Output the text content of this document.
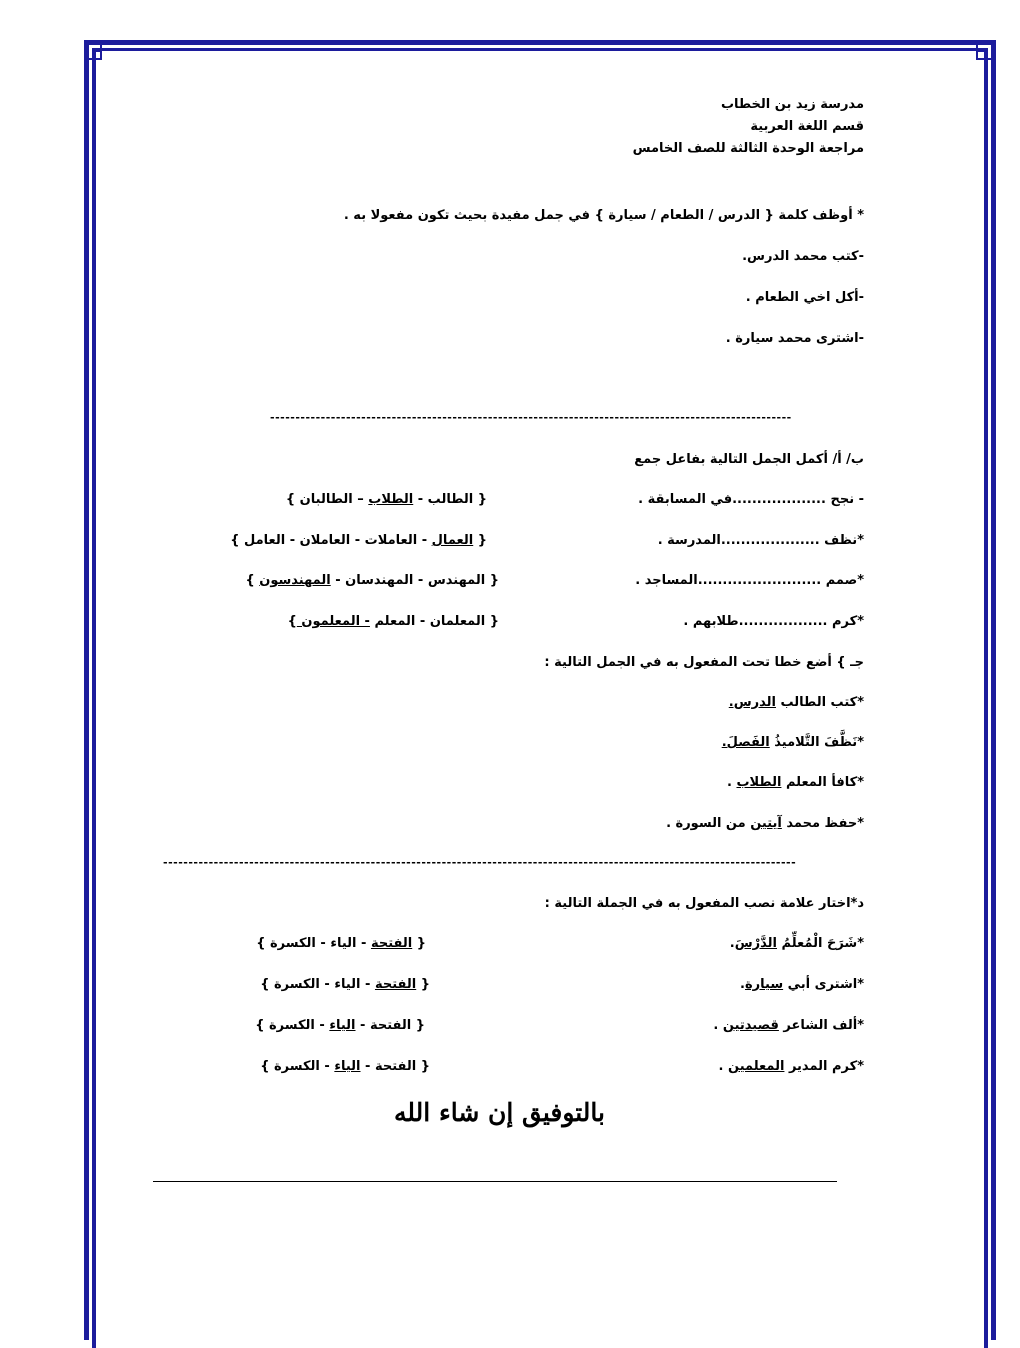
مدرسة زيد بن الخطاب
قسم اللغة العربية
مراجعة الوحدة الثالثة للصف الخامس
* أوظف كلمة { الدرس / الطعام / سيارة } في جمل مفيدة بحيث تكون مفعولا به .
-كتب محمد الدرس.
-أكل اخي الطعام .
-اشترى محمد سيارة .
-------------------------------------------------------------------------------------------------------
ب/ أ/ أكمل الجمل التالية بفاعل جمع
- نجح ...................في المسابقة .
{ الطالب - الطلاب – الطالبان }
*نظف ....................المدرسة .
{ العمال - العاملات - العاملان - العامل }
*صمم .........................المساجد .
{ المهندس - المهندسان - المهندسون }
*كرم ..................طلابهم .
{ المعلمان - المعلم - المعلمون }
جـ } أضع خطا تحت المفعول به في الجمل التالية :
*كتب الطالب الدرس.
*نَظَّفَ التَّلاميذُ الفَصلَ.
*كافأ المعلم الطلاب .
*حفظ محمد آيتين من السورة .
-----------------------------------------------------------------------------------------------------------------------------
د*اختار علامة نصب المفعول به في الجملة التالية :
*شَرَحَ الْمُعلِّمُ الدَّرْسَ.
{ الفتحة - الياء - الكسرة }
*اشترى أبي سيارة.
{ الفتحة - الياء - الكسرة }
*ألف الشاعر قصيدتين .
{ الفتحة - الياء - الكسرة }
*كرم المدير المعلمين .
{ الفتحة - الياء - الكسرة }
بالتوفيق إن شاء الله
